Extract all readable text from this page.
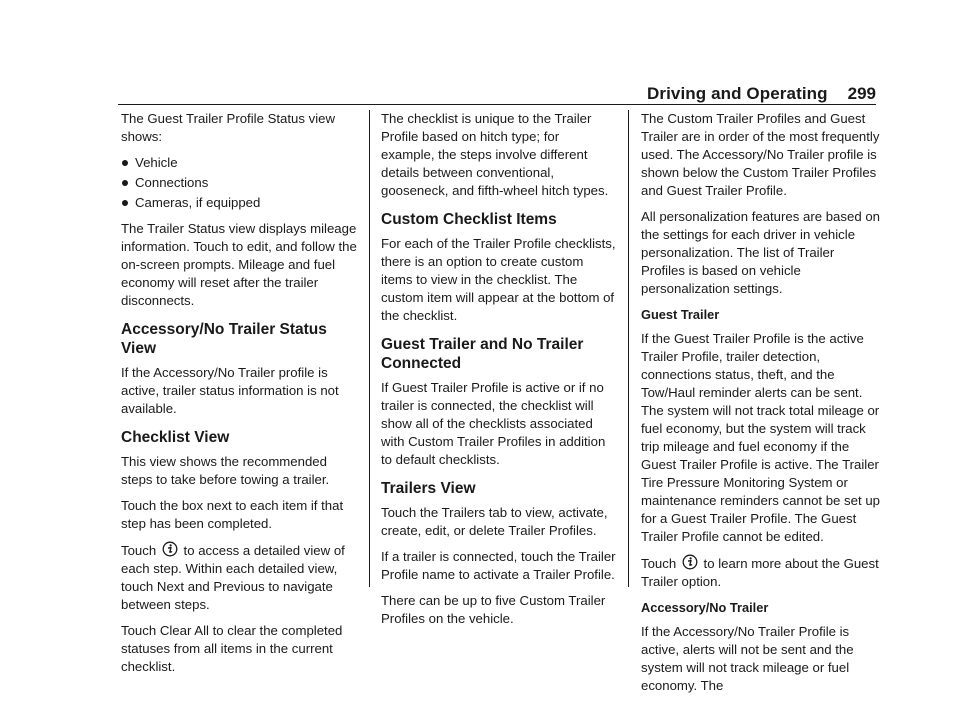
Driving and Operating 299

The Guest Trailer Profile Status view shows:

Vehicle
Connections
Cameras, if equipped

The Trailer Status view displays mileage information. Touch to edit, and follow the on-screen prompts. Mileage and fuel economy will reset after the trailer disconnects.

Accessory/No Trailer Status View

If the Accessory/No Trailer profile is active, trailer status information is not available.

Checklist View

This view shows the recommended steps to take before towing a trailer.

Touch the box next to each item if that step has been completed.

Touch to access a detailed view of each step. Within each detailed view, touch Next and Previous to navigate between steps.

Touch Clear All to clear the completed statuses from all items in the current checklist.

The checklist is unique to the Trailer Profile based on hitch type; for example, the steps involve different details between conventional, gooseneck, and fifth-wheel hitch types.

Custom Checklist Items

For each of the Trailer Profile checklists, there is an option to create custom items to view in the checklist. The custom item will appear at the bottom of the checklist.

Guest Trailer and No Trailer Connected

If Guest Trailer Profile is active or if no trailer is connected, the checklist will show all of the checklists associated with Custom Trailer Profiles in addition to default checklists.

Trailers View

Touch the Trailers tab to view, activate, create, edit, or delete Trailer Profiles.

If a trailer is connected, touch the Trailer Profile name to activate a Trailer Profile.

There can be up to five Custom Trailer Profiles on the vehicle.

The Custom Trailer Profiles and Guest Trailer are in order of the most frequently used. The Accessory/No Trailer profile is shown below the Custom Trailer Profiles and Guest Trailer Profile.

All personalization features are based on the settings for each driver in vehicle personalization. The list of Trailer Profiles is based on vehicle personalization settings.

Guest Trailer

If the Guest Trailer Profile is the active Trailer Profile, trailer detection, connections status, theft, and the Tow/Haul reminder alerts can be sent. The system will not track total mileage or fuel economy, but the system will track trip mileage and fuel economy if the Guest Trailer Profile is active. The Trailer Tire Pressure Monitoring System or maintenance reminders cannot be set up for a Guest Trailer Profile. The Guest Trailer Profile cannot be edited.

Touch to learn more about the Guest Trailer option.

Accessory/No Trailer

If the Accessory/No Trailer Profile is active, alerts will not be sent and the system will not track mileage or fuel economy. The
